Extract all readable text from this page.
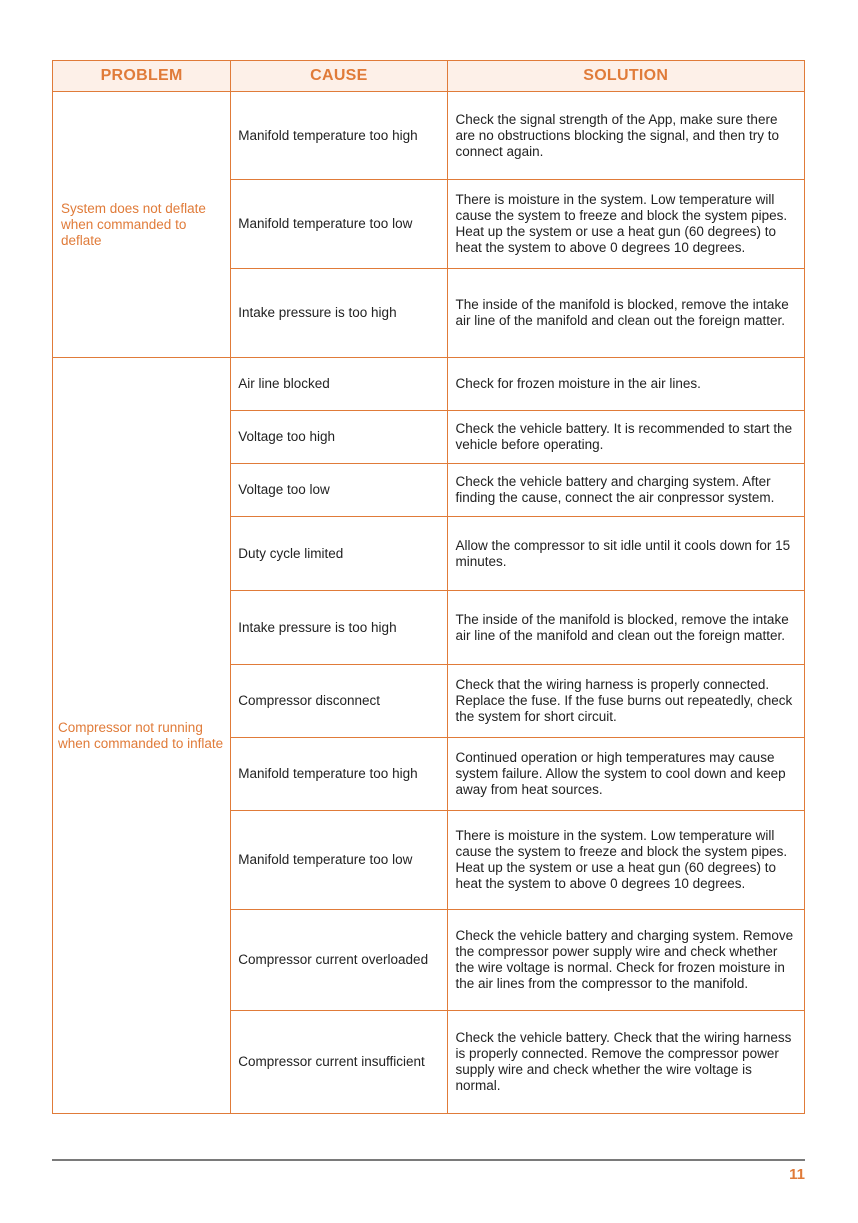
PROBLEM	CAUSE	SOLUTION
System does not deflate when commanded to deflate	Manifold temperature too high	Check the signal strength of the App, make sure there are no obstructions blocking the signal, and then try to connect again.
	Manifold temperature too low	There is moisture in the system. Low temperature will cause the system to freeze and block the system pipes. Heat up the system or use a heat gun (60 degrees) to heat the system to above 0 degrees 10 degrees.
	Intake pressure is too high	The inside of the manifold is blocked, remove the intake air line of the manifold and clean out the foreign matter.
Compressor not running when commanded to inflate	Air line blocked	Check for frozen moisture in the air lines.
	Voltage too high	Check the vehicle battery. It is recommended to start the vehicle before operating.
	Voltage too low	Check the vehicle battery and charging system. After finding the cause, connect the air conpressor system.
	Duty cycle limited	Allow the compressor to sit idle until it cools down for 15 minutes.
	Intake pressure is too high	The inside of the manifold is blocked, remove the intake air line of the manifold and clean out the foreign matter.
	Compressor disconnect	Check that the wiring harness is properly connected. Replace the fuse. If the fuse burns out repeatedly, check the system for short circuit.
	Manifold temperature too high	Continued operation or high temperatures may cause system failure. Allow the system to cool down and keep away from heat sources.
	Manifold temperature too low	There is moisture in the system. Low temperature will cause the system to freeze and block the system pipes. Heat up the system or use a heat gun (60 degrees) to heat the system to above 0 degrees 10 degrees.
	Compressor current overloaded	Check the vehicle battery and charging system. Remove the compressor power supply wire and check whether the wire voltage is normal. Check for frozen moisture in the air lines from the compressor to the manifold.
	Compressor current insufficient	Check the vehicle battery. Check that the wiring harness is properly connected. Remove the compressor power supply wire and check whether the wire voltage is normal.
11
